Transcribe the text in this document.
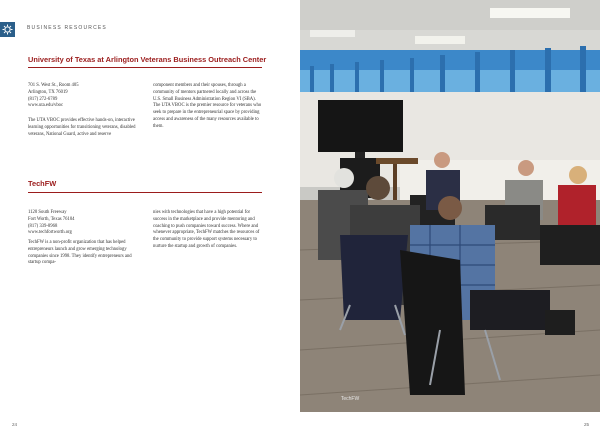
BUSINESS RESOURCES
University of Texas at Arlington Veterans Business Outreach Center
701 S. West St., Room 405
Arlington, TX 76019
(817) 272-6789
www.uta.edu/vboc
The UTA VBOC provides effective hands-on, interactive learning opportunities for transitioning veterans, disabled veterans, National Guard, active and reserve
component members and their spouses, through a community of mentors partnered locally and across the U.S. Small Business Administration Region VI (SBA). The UTA VBOC is the premier resource for veterans who seek to prepare in the entrepreneurial space by providing access and awareness of the many resources available to them.
TechFW
1120 South Freeway
Fort Worth, Texas 76104
(817) 339-8968
www.techfortworth.org
TechFW is a non-profit organization that has helped entrepreneurs launch and grow emerging technology companies since 1998. They identify entrepreneurs and startup compa-
nies with technologies that have a high potential for success in the marketplace and provide mentoring and coaching to push companies toward success. Where and whenever appropriate, TechFW matches the resources of the community to provide support systems necessary to nurture the startup and growth of companies.
24	25
TechFW
